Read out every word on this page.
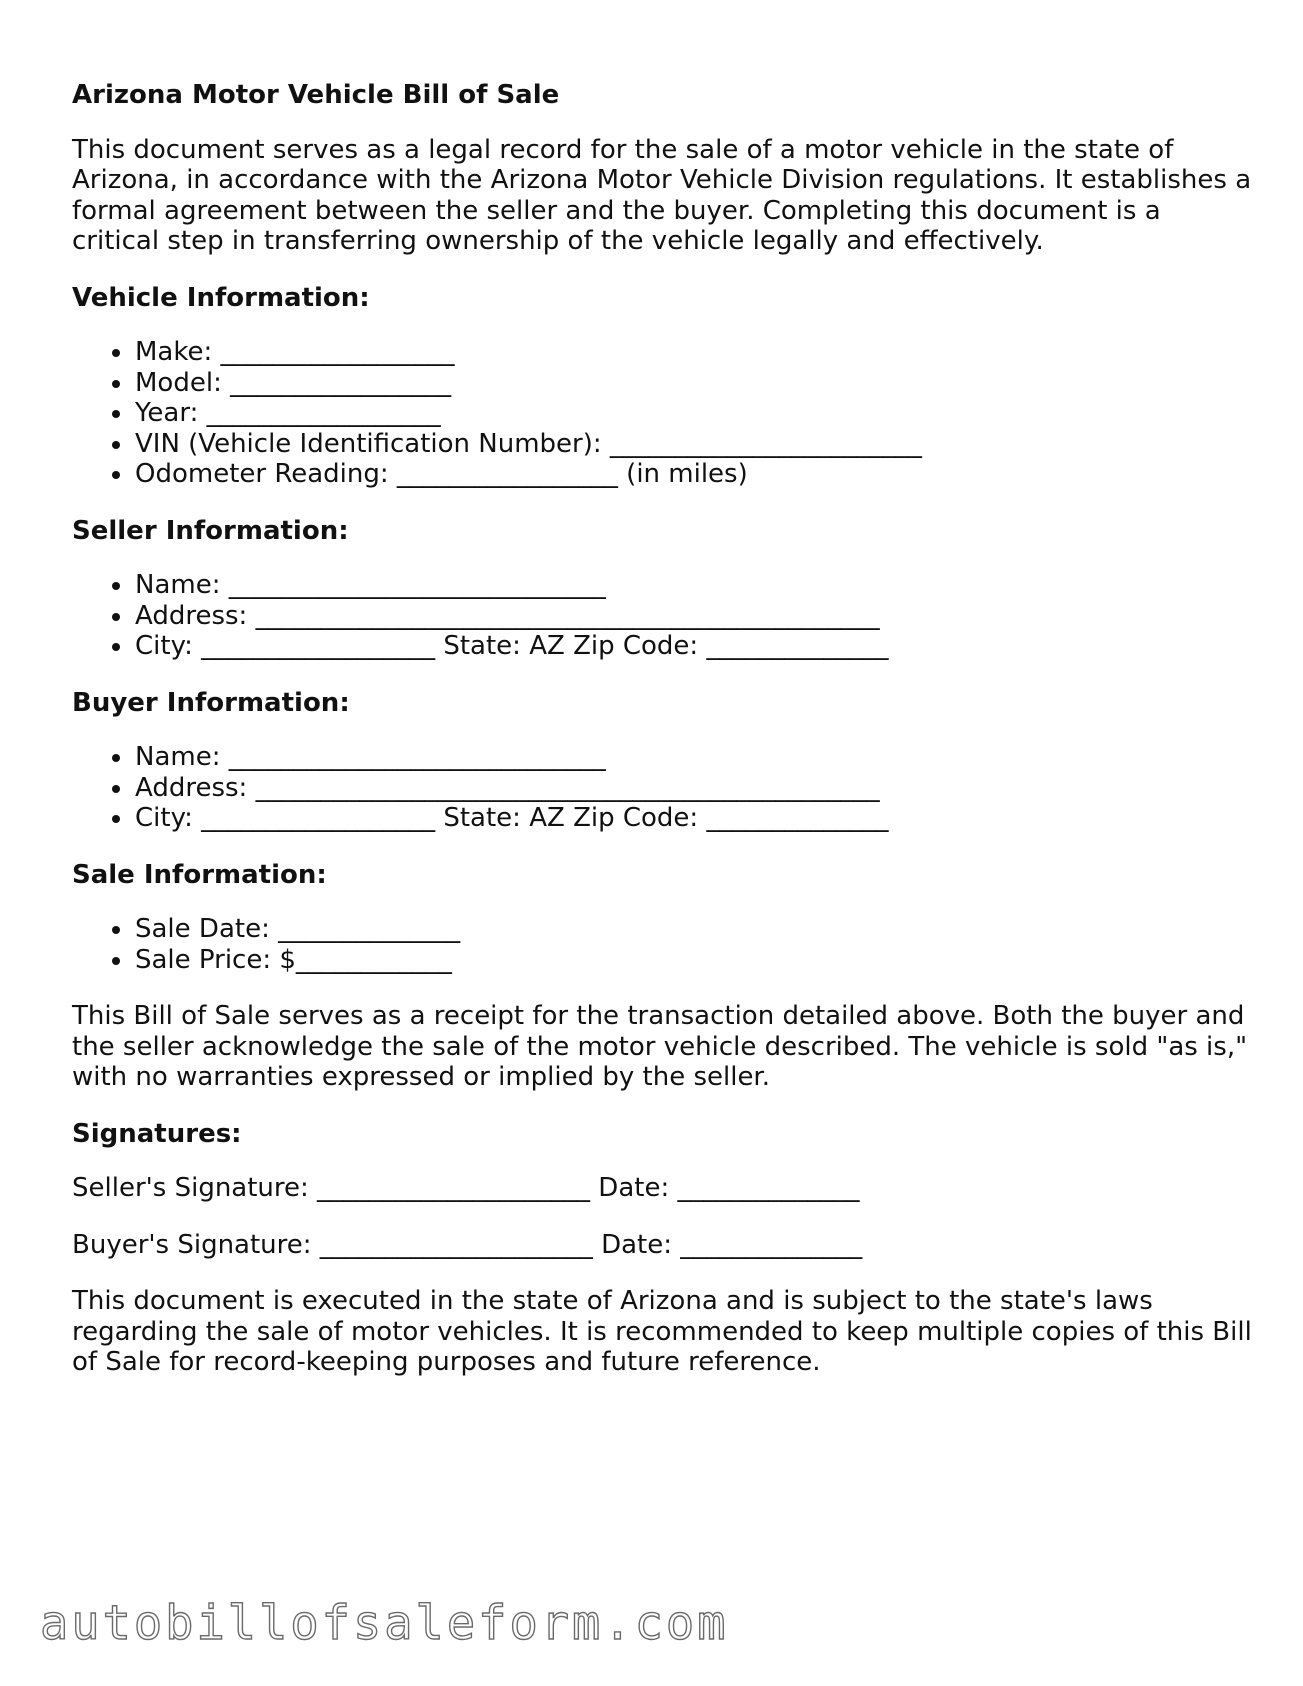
Arizona Motor Vehicle Bill of Sale

This document serves as a legal record for the sale of a motor vehicle in the state of Arizona, in accordance with the Arizona Motor Vehicle Division regulations. It establishes a formal agreement between the seller and the buyer. Completing this document is a critical step in transferring ownership of the vehicle legally and effectively.

Vehicle Information:
Make: __________________
Model: _________________
Year: __________________
VIN (Vehicle Identification Number): ________________________
Odometer Reading: _________________ (in miles)
Seller Information:
Name: _____________________________
Address: ________________________________________________
City: __________________ State: AZ Zip Code: ______________
Buyer Information:
Name: _____________________________
Address: ________________________________________________
City: __________________ State: AZ Zip Code: ______________
Sale Information:
Sale Date: ______________
Sale Price: $____________

This Bill of Sale serves as a receipt for the transaction detailed above. Both the buyer and the seller acknowledge the sale of the motor vehicle described. The vehicle is sold "as is," with no warranties expressed or implied by the seller.

Signatures:

Seller's Signature: _____________________ Date: ______________

Buyer's Signature: _____________________ Date: ______________

This document is executed in the state of Arizona and is subject to the state's laws regarding the sale of motor vehicles. It is recommended to keep multiple copies of this Bill of Sale for record-keeping purposes and future reference.

autobillofsaleform.com
